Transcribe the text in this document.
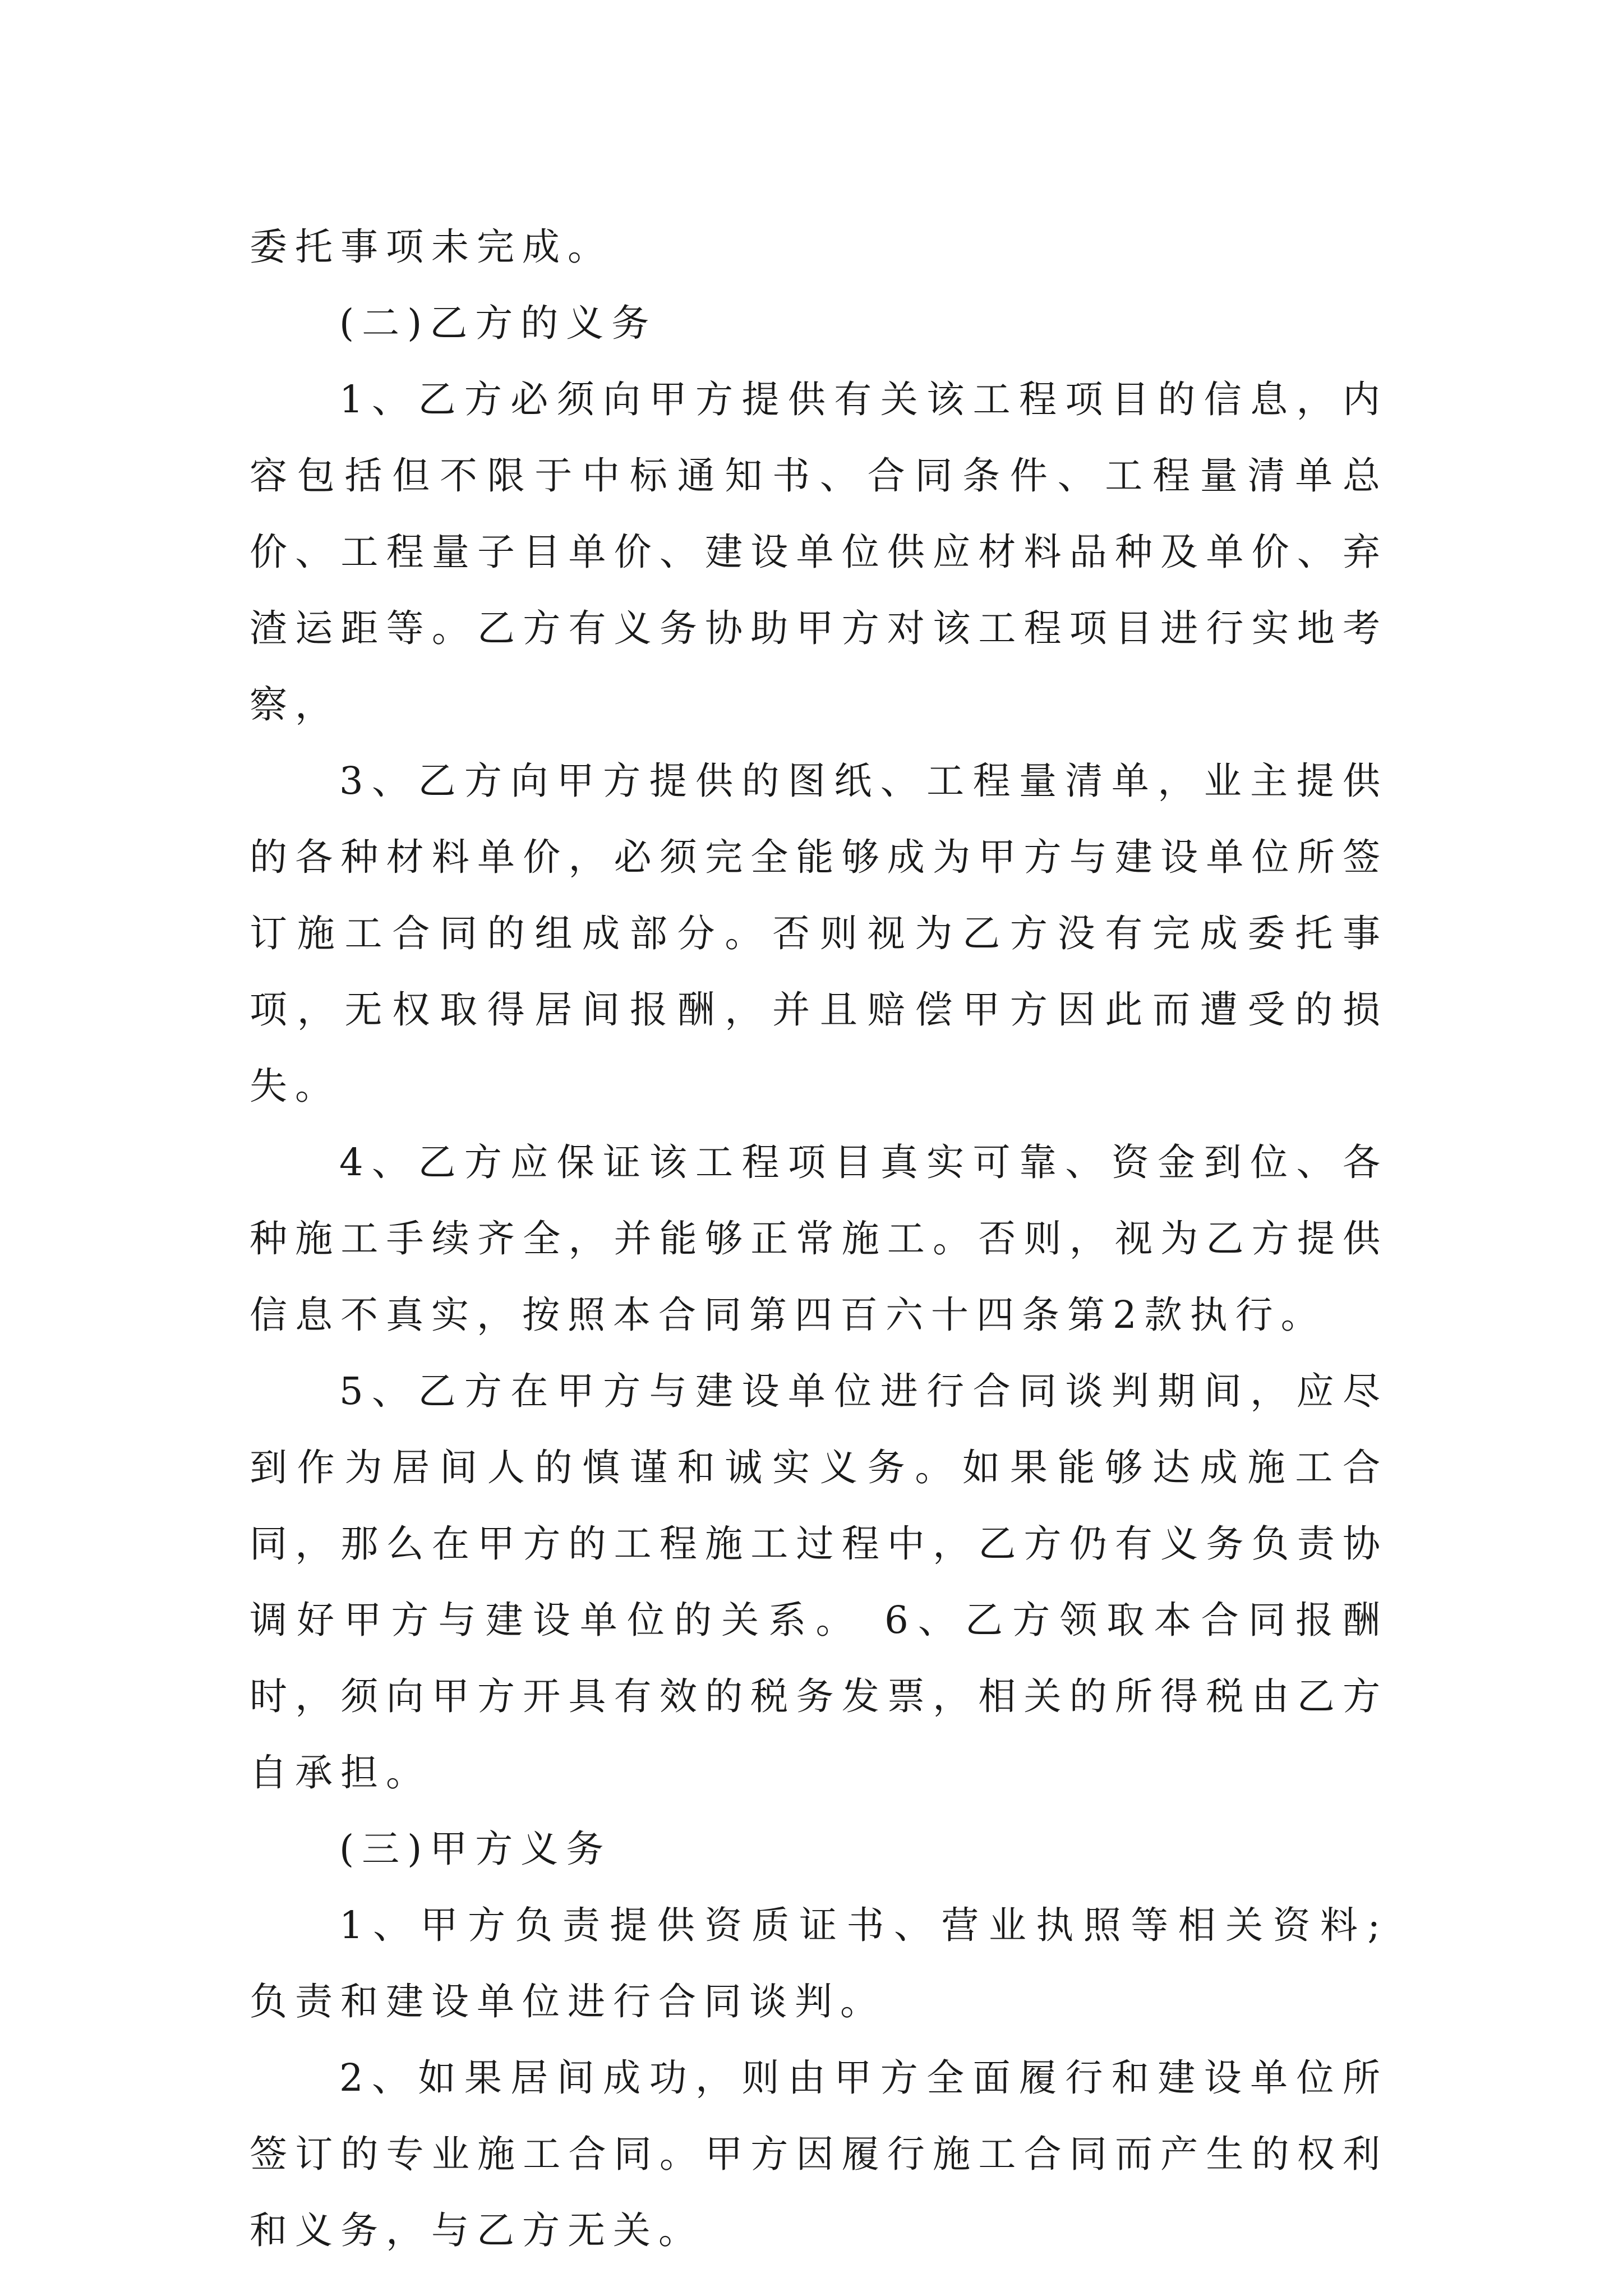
委托事项未完成。

(二)乙方的义务

1、乙方必须向甲方提供有关该工程项目的信息，内容包括但不限于中标通知书、合同条件、工程量清单总价、工程量子目单价、建设单位供应材料品种及单价、弃渣运距等。乙方有义务协助甲方对该工程项目进行实地考察，

3、乙方向甲方提供的图纸、工程量清单，业主提供的各种材料单价，必须完全能够成为甲方与建设单位所签订施工合同的组成部分。否则视为乙方没有完成委托事项，无权取得居间报酬，并且赔偿甲方因此而遭受的损失。

4、乙方应保证该工程项目真实可靠、资金到位、各种施工手续齐全，并能够正常施工。否则，视为乙方提供信息不真实，按照本合同第四百六十四条第2款执行。

5、乙方在甲方与建设单位进行合同谈判期间，应尽到作为居间人的慎谨和诚实义务。如果能够达成施工合同，那么在甲方的工程施工过程中，乙方仍有义务负责协调好甲方与建设单位的关系。 6、乙方领取本合同报酬时，须向甲方开具有效的税务发票，相关的所得税由乙方自承担。

(三)甲方义务

1、甲方负责提供资质证书、营业执照等相关资料;负责和建设单位进行合同谈判。

2、如果居间成功，则由甲方全面履行和建设单位所签订的专业施工合同。甲方因履行施工合同而产生的权利和义务，与乙方无关。
